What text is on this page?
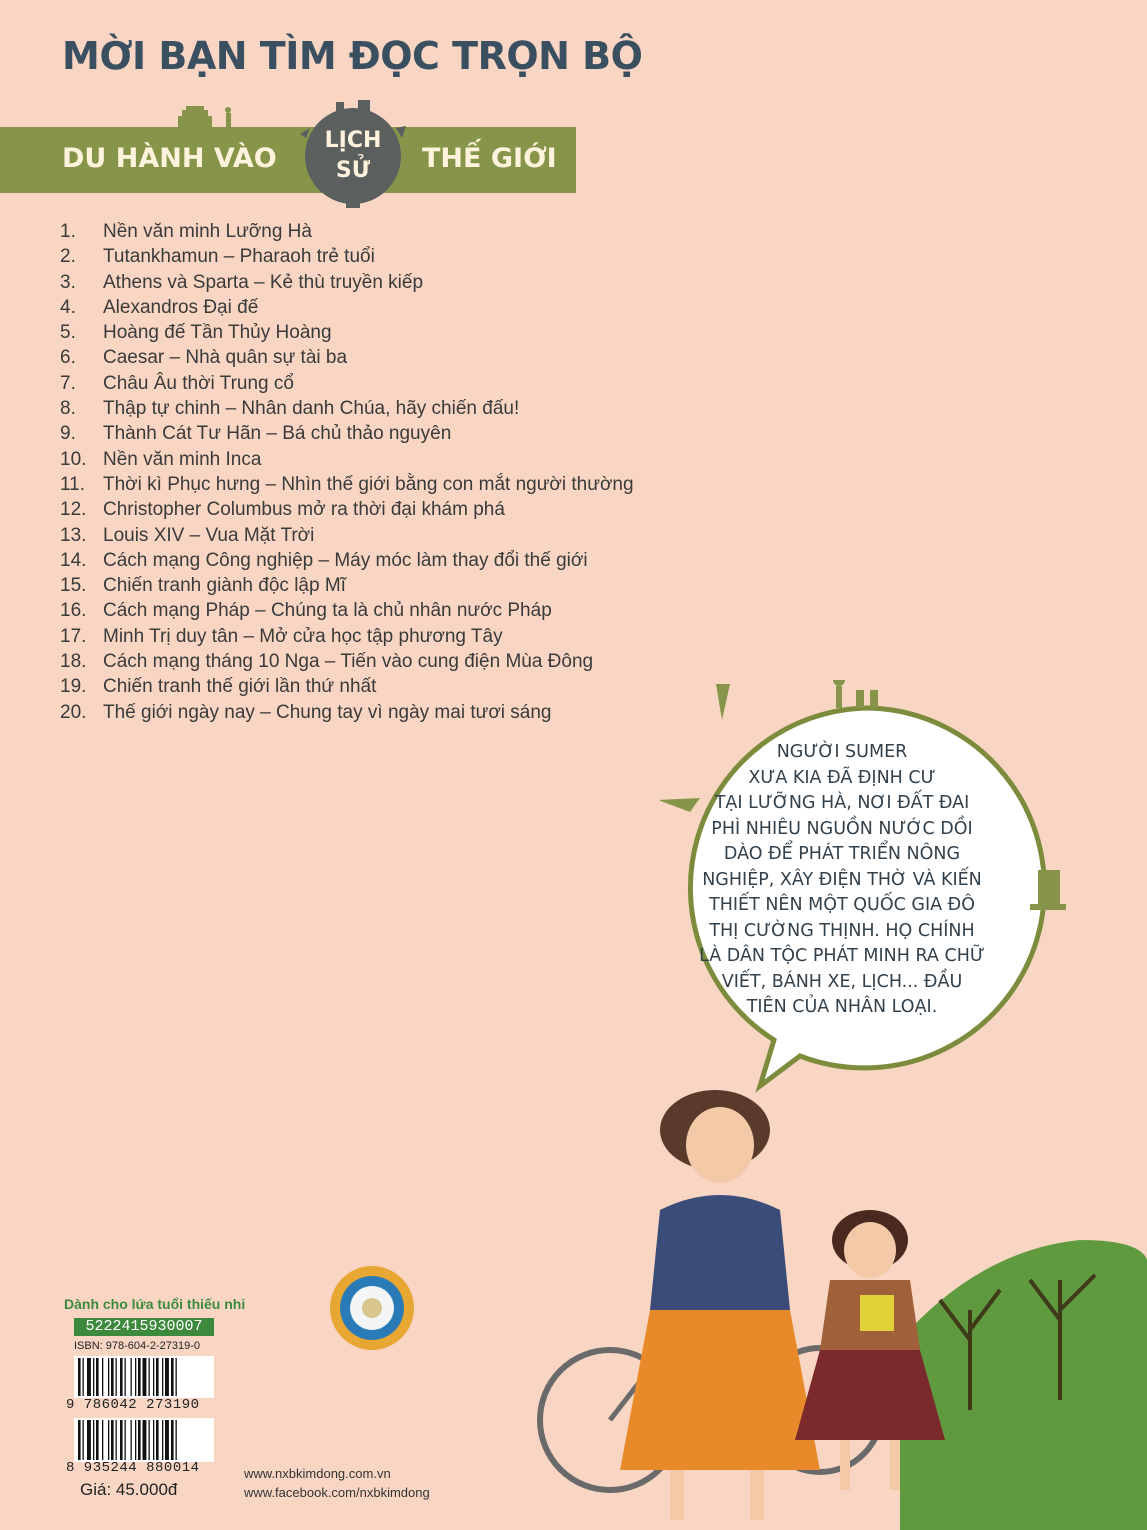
MỜI BẠN TÌM ĐỌC TRỌN BỘ
DU HÀNH VÀO	THẾ GIỚI
LỊCH
SỬ
1. Nền văn minh Lưỡng Hà
2. Tutankhamun – Pharaoh trẻ tuổi
3. Athens và Sparta – Kẻ thù truyền kiếp
4. Alexandros Đại đế
5. Hoàng đế Tần Thủy Hoàng
6. Caesar – Nhà quân sự tài ba
7. Châu Âu thời Trung cổ
8. Thập tự chinh – Nhân danh Chúa, hãy chiến đấu!
9. Thành Cát Tư Hãn – Bá chủ thảo nguyên
10. Nền văn minh Inca
11. Thời kì Phục hưng – Nhìn thế giới bằng con mắt người thường
12. Christopher Columbus mở ra thời đại khám phá
13. Louis XIV – Vua Mặt Trời
14. Cách mạng Công nghiệp – Máy móc làm thay đổi thế giới
15. Chiến tranh giành độc lập Mĩ
16. Cách mạng Pháp – Chúng ta là chủ nhân nước Pháp
17. Minh Trị duy tân – Mở cửa học tập phương Tây
18. Cách mạng tháng 10 Nga – Tiến vào cung điện Mùa Đông
19. Chiến tranh thế giới lần thứ nhất
20. Thế giới ngày nay – Chung tay vì ngày mai tươi sáng
NGƯỜI SUMER
XƯA KIA ĐÃ ĐỊNH CƯ
TẠI LƯỠNG HÀ, NƠI ĐẤT ĐAI
PHÌ NHIÊU NGUỒN NƯỚC DỒI
DÀO ĐỂ PHÁT TRIỂN NÔNG
NGHIỆP, XÂY ĐIỆN THỜ VÀ KIẾN
THIẾT NÊN MỘT QUỐC GIA ĐÔ
THỊ CƯỜNG THỊNH. HỌ CHÍNH
LÀ DÂN TỘC PHÁT MINH RA CHỮ
VIẾT, BÁNH XE, LỊCH... ĐẦU
TIÊN CỦA NHÂN LOẠI.
Dành cho lứa tuổi thiếu nhi
5222415930007
ISBN: 978-604-2-27319-0
9 786042 273190
8 935244 880014
Giá: 45.000đ
www.nxbkimdong.com.vn
www.facebook.com/nxbkimdong
